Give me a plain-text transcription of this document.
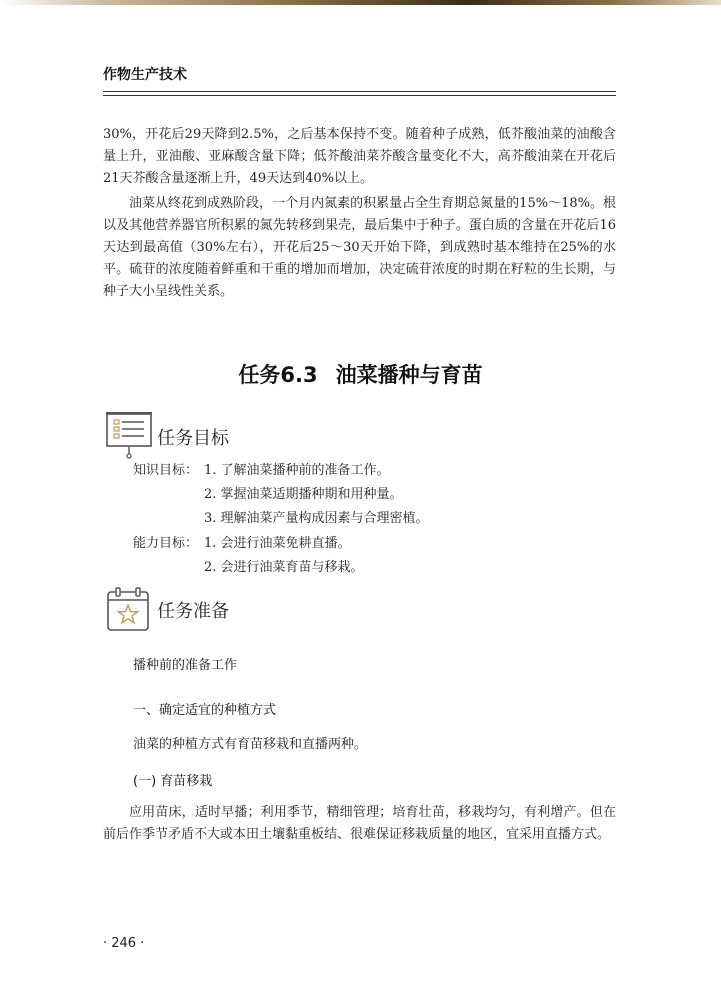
作物生产技术
30%，开花后29天降到2.5%，之后基本保持不变。随着种子成熟，低芥酸油菜的油酸含量上升，亚油酸、亚麻酸含量下降；低芥酸油菜芥酸含量变化不大，高芥酸油菜在开花后21天芥酸含量逐渐上升，49天达到40%以上。
油菜从终花到成熟阶段，一个月内氮素的积累量占全生育期总氮量的15%～18%。根以及其他营养器官所积累的氮先转移到果壳，最后集中于种子。蛋白质的含量在开花后16天达到最高值（30%左右），开花后25～30天开始下降，到成熟时基本维持在25%的水平。硫苷的浓度随着鲜重和干重的增加而增加，决定硫苷浓度的时期在籽粒的生长期，与种子大小呈线性关系。
任务6.3 油菜播种与育苗
任务目标
知识目标： 1. 了解油菜播种前的准备工作。
2. 掌握油菜适期播种期和用种量。
3. 理解油菜产量构成因素与合理密植。
能力目标： 1. 会进行油菜免耕直播。
2. 会进行油菜育苗与移栽。
任务准备
播种前的准备工作
一、确定适宜的种植方式
油菜的种植方式有育苗移栽和直播两种。
(一) 育苗移栽
应用苗床，适时早播；利用季节，精细管理；培育壮苗，移栽均匀，有利增产。但在前后作季节矛盾不大或本田土壤黏重板结、很难保证移栽质量的地区，宜采用直播方式。
· 246 ·
